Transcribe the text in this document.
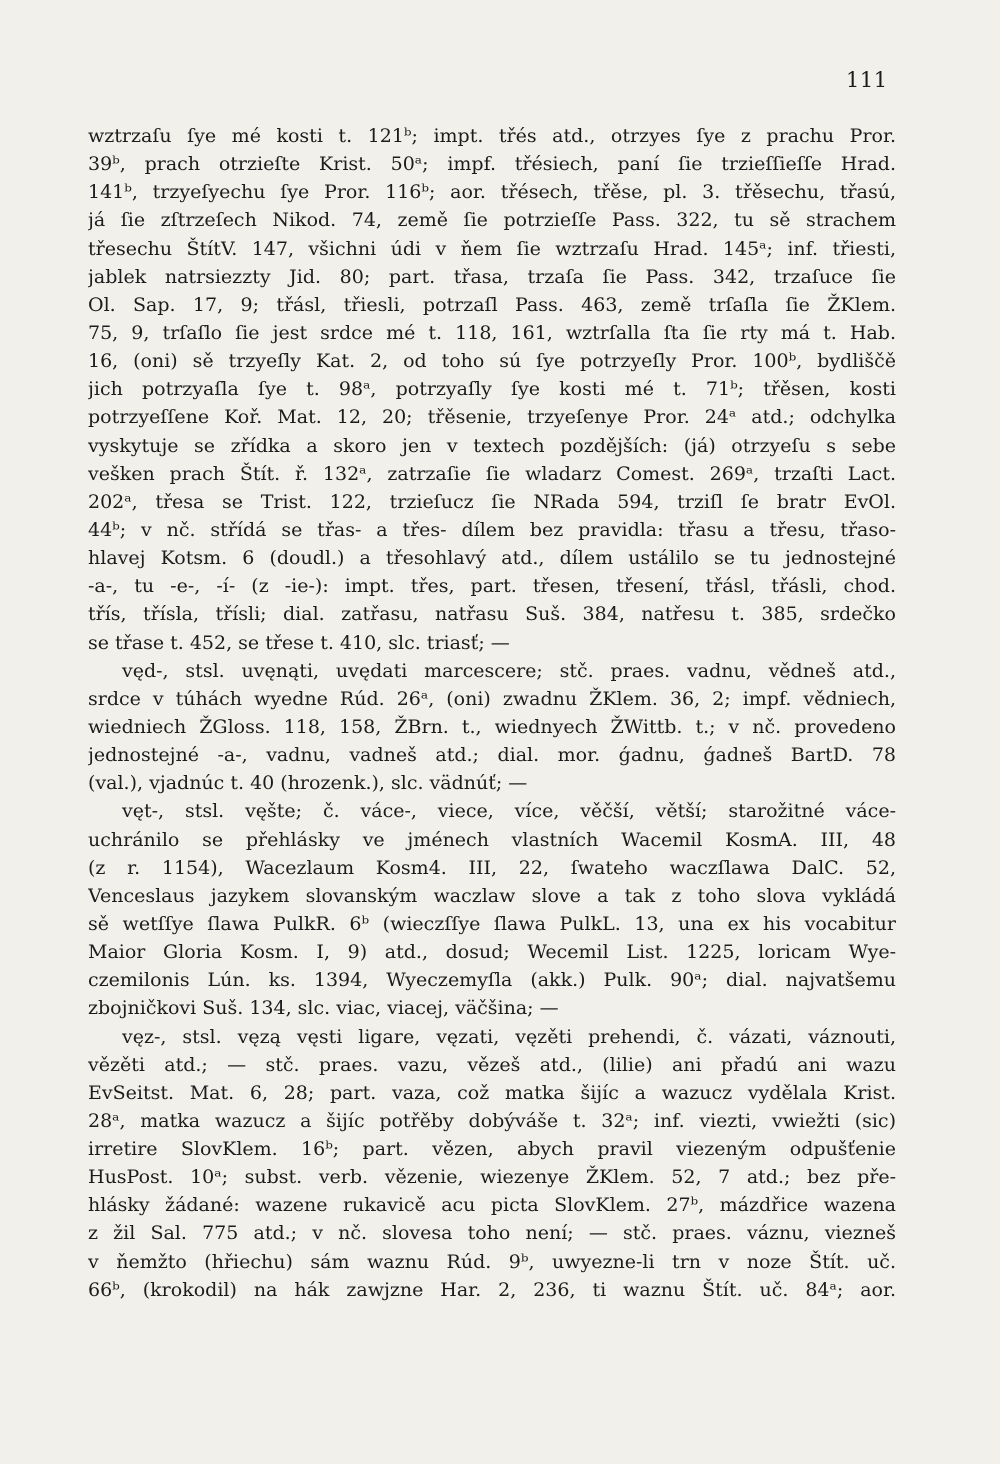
111
wztrzaſu ſye mé kosti t. 121ᵇ; impt. třés atd., otrzyes ſye z prachu Pror.
39ᵇ, prach otrzieſte Krist. 50ᵃ; impf. třésiech, paní ſie trzieſſieſſe Hrad.
141ᵇ, trzyeſyechu ſye Pror. 116ᵇ; aor. třésech, třěse, pl. 3. třěsechu, třasú,
já ſie zſtrzeſech Nikod. 74, země ſie potrzieſſe Pass. 322, tu sě strachem
třesechu ŠtítV. 147, všichni údi v ňem ſie wztrzaſu Hrad. 145ᵃ; inf. třiesti,
jablek natrsiezzty Jid. 80; part. třasa, trzaſa ſie Pass. 342, trzaſuce ſie
Ol. Sap. 17, 9; třásl, třiesli, potrzaſl Pass. 463, země trſaſla ſie ŽKlem.
75, 9, trſaſlo ſie jest srdce mé t. 118, 161, wztrſalla ſta ſie rty má t. Hab.
16, (oni) sě trzyeſly Kat. 2, od toho sú ſye potrzyeſly Pror. 100ᵇ, bydliščě
jich potrzyaſla ſye t. 98ᵃ, potrzyaſly ſye kosti mé t. 71ᵇ; třěsen, kosti
potrzyeſſene Koř. Mat. 12, 20; třěsenie, trzyeſenye Pror. 24ᵃ atd.; odchylka
vyskytuje se zřídka a skoro jen v textech pozdějších: (já) otrzyeſu s sebe
vešken prach Štít. ř. 132ᵃ, zatrzaſie ſie wladarz Comest. 269ᵃ, trzaſti Lact.
202ᵃ, třesa se Trist. 122, trzieſucz ſie NRada 594, trziſl ſe bratr EvOl.
44ᵇ; v nč. střídá se třas- a třes- dílem bez pravidla: třasu a třesu, třaso-
hlavej Kotsm. 6 (doudl.) a třesohlavý atd., dílem ustálilo se tu jednostejné
-a-, tu -e-, -í- (z -ie-): impt. třes, part. třesen, třesení, třásl, třásli, chod.
třís, třísla, třísli; dial. zatřasu, natřasu Suš. 384, natřesu t. 385, srdečko
se třase t. 452, se třese t. 410, slc. triasť; —
vęd-, stsl. uvęnąti, uvędati marcescere; stč. praes. vadnu, vědneš atd.,
srdce v túhách wyedne Rúd. 26ᵃ, (oni) zwadnu ŽKlem. 36, 2; impf. vědniech,
wiedniech ŽGloss. 118, 158, ŽBrn. t., wiednyech ŽWittb. t.; v nč. provedeno
jednostejné -a-, vadnu, vadneš atd.; dial. mor. ǵadnu, ǵadneš BartD. 78
(val.), vjadnúc t. 40 (hrozenk.), slc. vädnúť; —
vęt-, stsl. vęšte; č. váce-, viece, více, věčší, větší; starožitné váce-
uchránilo se přehlásky ve jménech vlastních Wacemil KosmA. III, 48
(z r. 1154), Wacezlaum Kosm4. III, 22, ſwateho waczſlawa DalC. 52,
Venceslaus jazykem slovanským waczlaw slove a tak z toho slova vykládá
sě wetſſye ſlawa PulkR. 6ᵇ (wieczſſye ſlawa PulkL. 13, una ex his vocabitur
Maior Gloria Kosm. I, 9) atd., dosud; Wecemil List. 1225, loricam Wye-
czemilonis Lún. ks. 1394, Wyeczemyſla (akk.) Pulk. 90ᵃ; dial. najvatšemu
zbojničkovi Suš. 134, slc. viac, viacej, väčšina; —
vęz-, stsl. vęzą vęsti ligare, vęzati, vęzěti prehendi, č. vázati, váznouti,
vězěti atd.; — stč. praes. vazu, vězeš atd., (lilie) ani přadú ani wazu
EvSeitst. Mat. 6, 28; part. vaza, což matka šijíc a wazucz vydělala Krist.
28ᵃ, matka wazucz a šijíc potřěby dobývášе t. 32ᵃ; inf. viezti, vwiežti (sic)
irretire SlovKlem. 16ᵇ; part. vězen, abych pravil viezeným odpušťenie
HusPost. 10ᵃ; subst. verb. vězenie, wiezenye ŽKlem. 52, 7 atd.; bez pře-
hlásky žádané: wazene rukavicě acu picta SlovKlem. 27ᵇ, mázdřice wazena
z žil Sal. 775 atd.; v nč. slovesa toho není; — stč. praes. váznu, viezneš
v ňemžto (hřiechu) sám waznu Rúd. 9ᵇ, uwyezne-li trn v noze Štít. uč.
66ᵇ, (krokodil) na hák zawjzne Har. 2, 236, ti waznu Štít. uč. 84ᵃ; aor.
